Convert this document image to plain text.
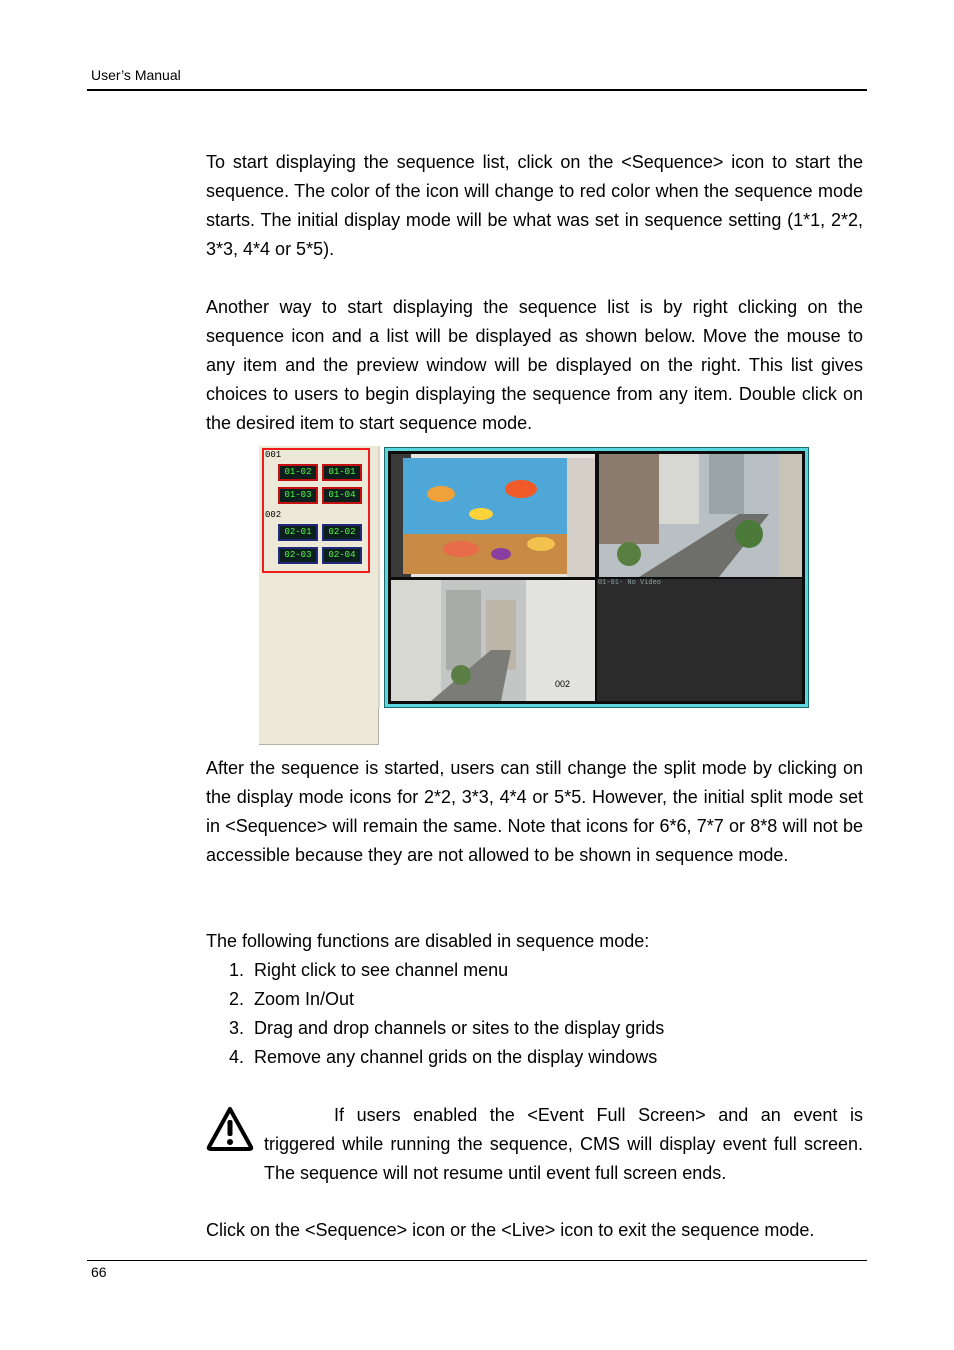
User’s Manual

To start displaying the sequence list, click on the <Sequence> icon to start the sequence. The color of the icon will change to red color when the sequence mode starts. The initial display mode will be what was set in sequence setting (1*1, 2*2, 3*3, 4*4 or 5*5).

Another way to start displaying the sequence list is by right clicking on the sequence icon and a list will be displayed as shown below. Move the mouse to any item and the preview window will be displayed on the right. This list gives choices to users to begin displaying the sequence from any item. Double click on the desired item to start sequence mode.

001
01-02	01-01
01-03	01-04
002
02-01	02-02
02-03	02-04
002
01-01- No Video

After the sequence is started, users can still change the split mode by clicking on the display mode icons for 2*2, 3*3, 4*4 or 5*5. However, the initial split mode set in <Sequence> will remain the same. Note that icons for 6*6, 7*7 or 8*8 will not be accessible because they are not allowed to be shown in sequence mode.

The following functions are disabled in sequence mode:

1.
Right click to see channel menu
2.
Zoom In/Out
3.
Drag and drop channels or sites to the display grids
4.
Remove any channel grids on the display windows

If users enabled the <Event Full Screen> and an event is triggered while running the sequence, CMS will display event full screen. The sequence will not resume until event full screen ends.

Click on the <Sequence> icon or the <Live> icon to exit the sequence mode.

66
